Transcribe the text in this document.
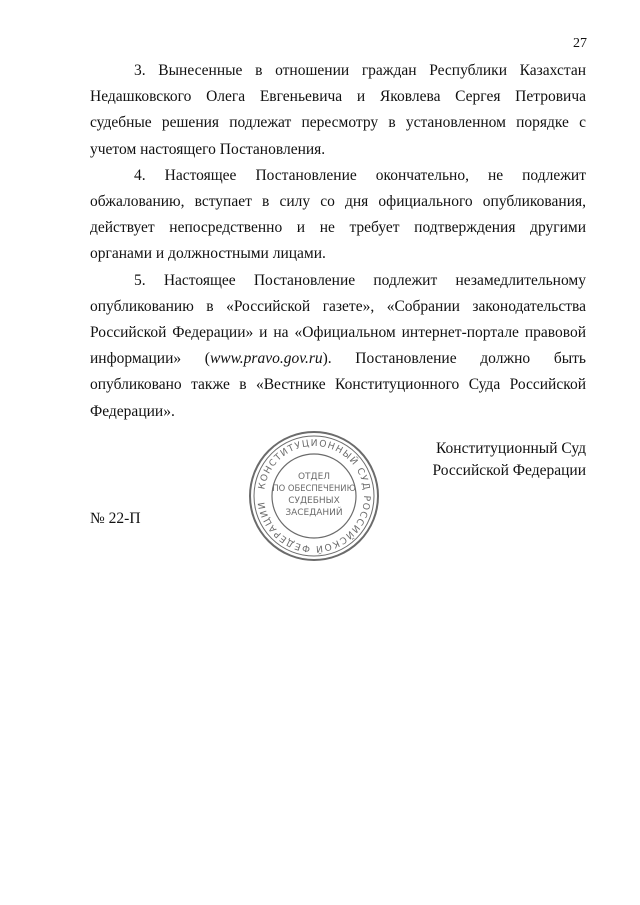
27

3. Вынесенные в отношении граждан Республики Казахстан Недашковского Олега Евгеньевича и Яковлева Сергея Петровича судебные решения подлежат пересмотру в установленном порядке с учетом настоящего Постановления.

4. Настоящее Постановление окончательно, не подлежит обжалованию, вступает в силу со дня официального опубликования, действует непосредственно и не требует подтверждения другими органами и должностными лицами.

5. Настоящее Постановление подлежит незамедлительному опубликованию в «Российской газете», «Собрании законодательства Российской Федерации» и на «Официальном интернет-портале правовой информации» (www.pravo.gov.ru). Постановление должно быть опубликовано также в «Вестнике Конституционного Суда Российской Федерации».

Конституционный Суд
Российской Федерации
№ 22-П
КОНСТИТУЦИОННЫЙ СУД РОССИЙСКОЙ ФЕДЕРАЦИИ
ОТДЕЛ
ПО ОБЕСПЕЧЕНИЮ
СУДЕБНЫХ
ЗАСЕДАНИЙ
